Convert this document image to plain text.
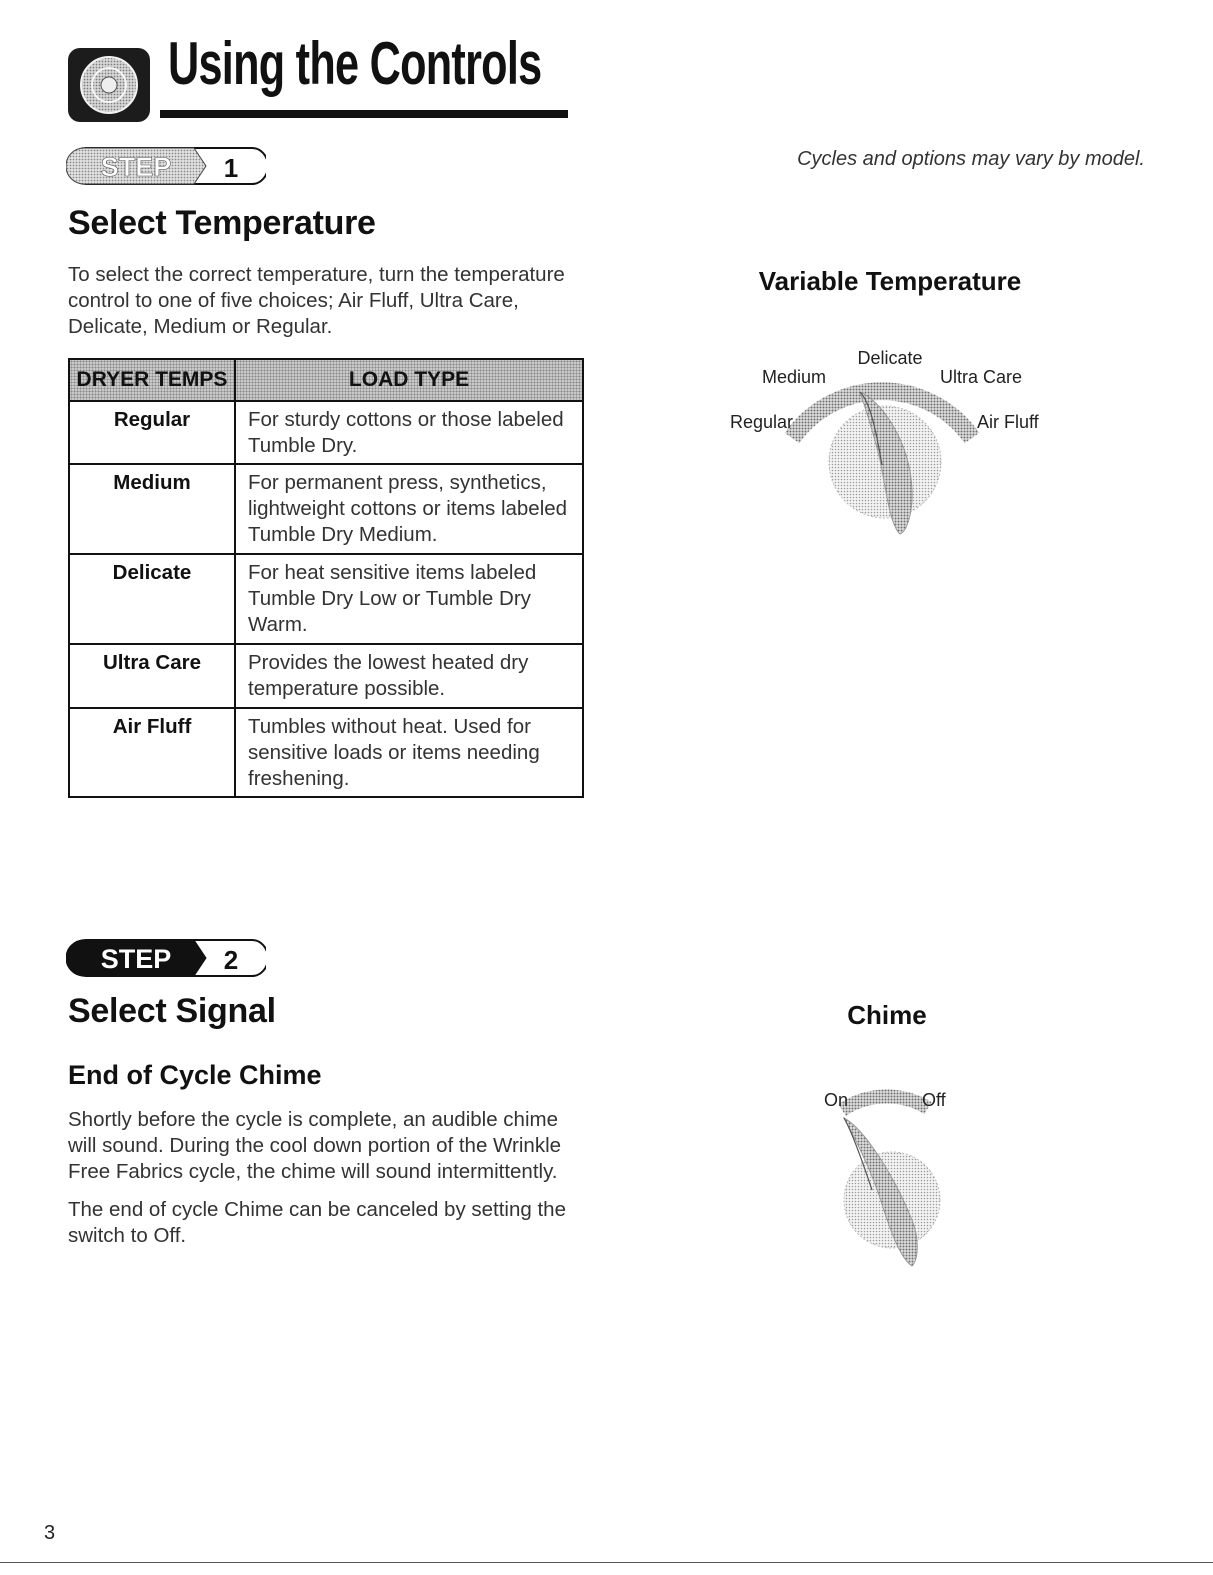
Using the Controls
STEP 1	Cycles and options may vary by model.

Select Temperature

To select the correct temperature, turn the temperature control to one of five choices; Air Fluff, Ultra Care, Delicate, Medium or Regular.

DRYER TEMPS	LOAD TYPE
Regular	For sturdy cottons or those labeled Tumble Dry.
Medium	For permanent press, synthetics, lightweight cottons or items labeled Tumble Dry Medium.
Delicate	For heat sensitive items labeled Tumble Dry Low or Tumble Dry Warm.
Ultra Care	Provides the lowest heated dry temperature possible.
Air Fluff	Tumbles without heat. Used for sensitive loads or items needing freshening.
Variable Temperature
Delicate
Medium	Ultra Care
Regular	Air Fluff
STEP 2
Select Signal
End of Cycle Chime

Shortly before the cycle is complete, an audible chime will sound. During the cool down portion of the Wrinkle Free Fabrics cycle, the chime will sound intermittently.

The end of cycle Chime can be canceled by setting the switch to Off.

Chime
On	Off

3
